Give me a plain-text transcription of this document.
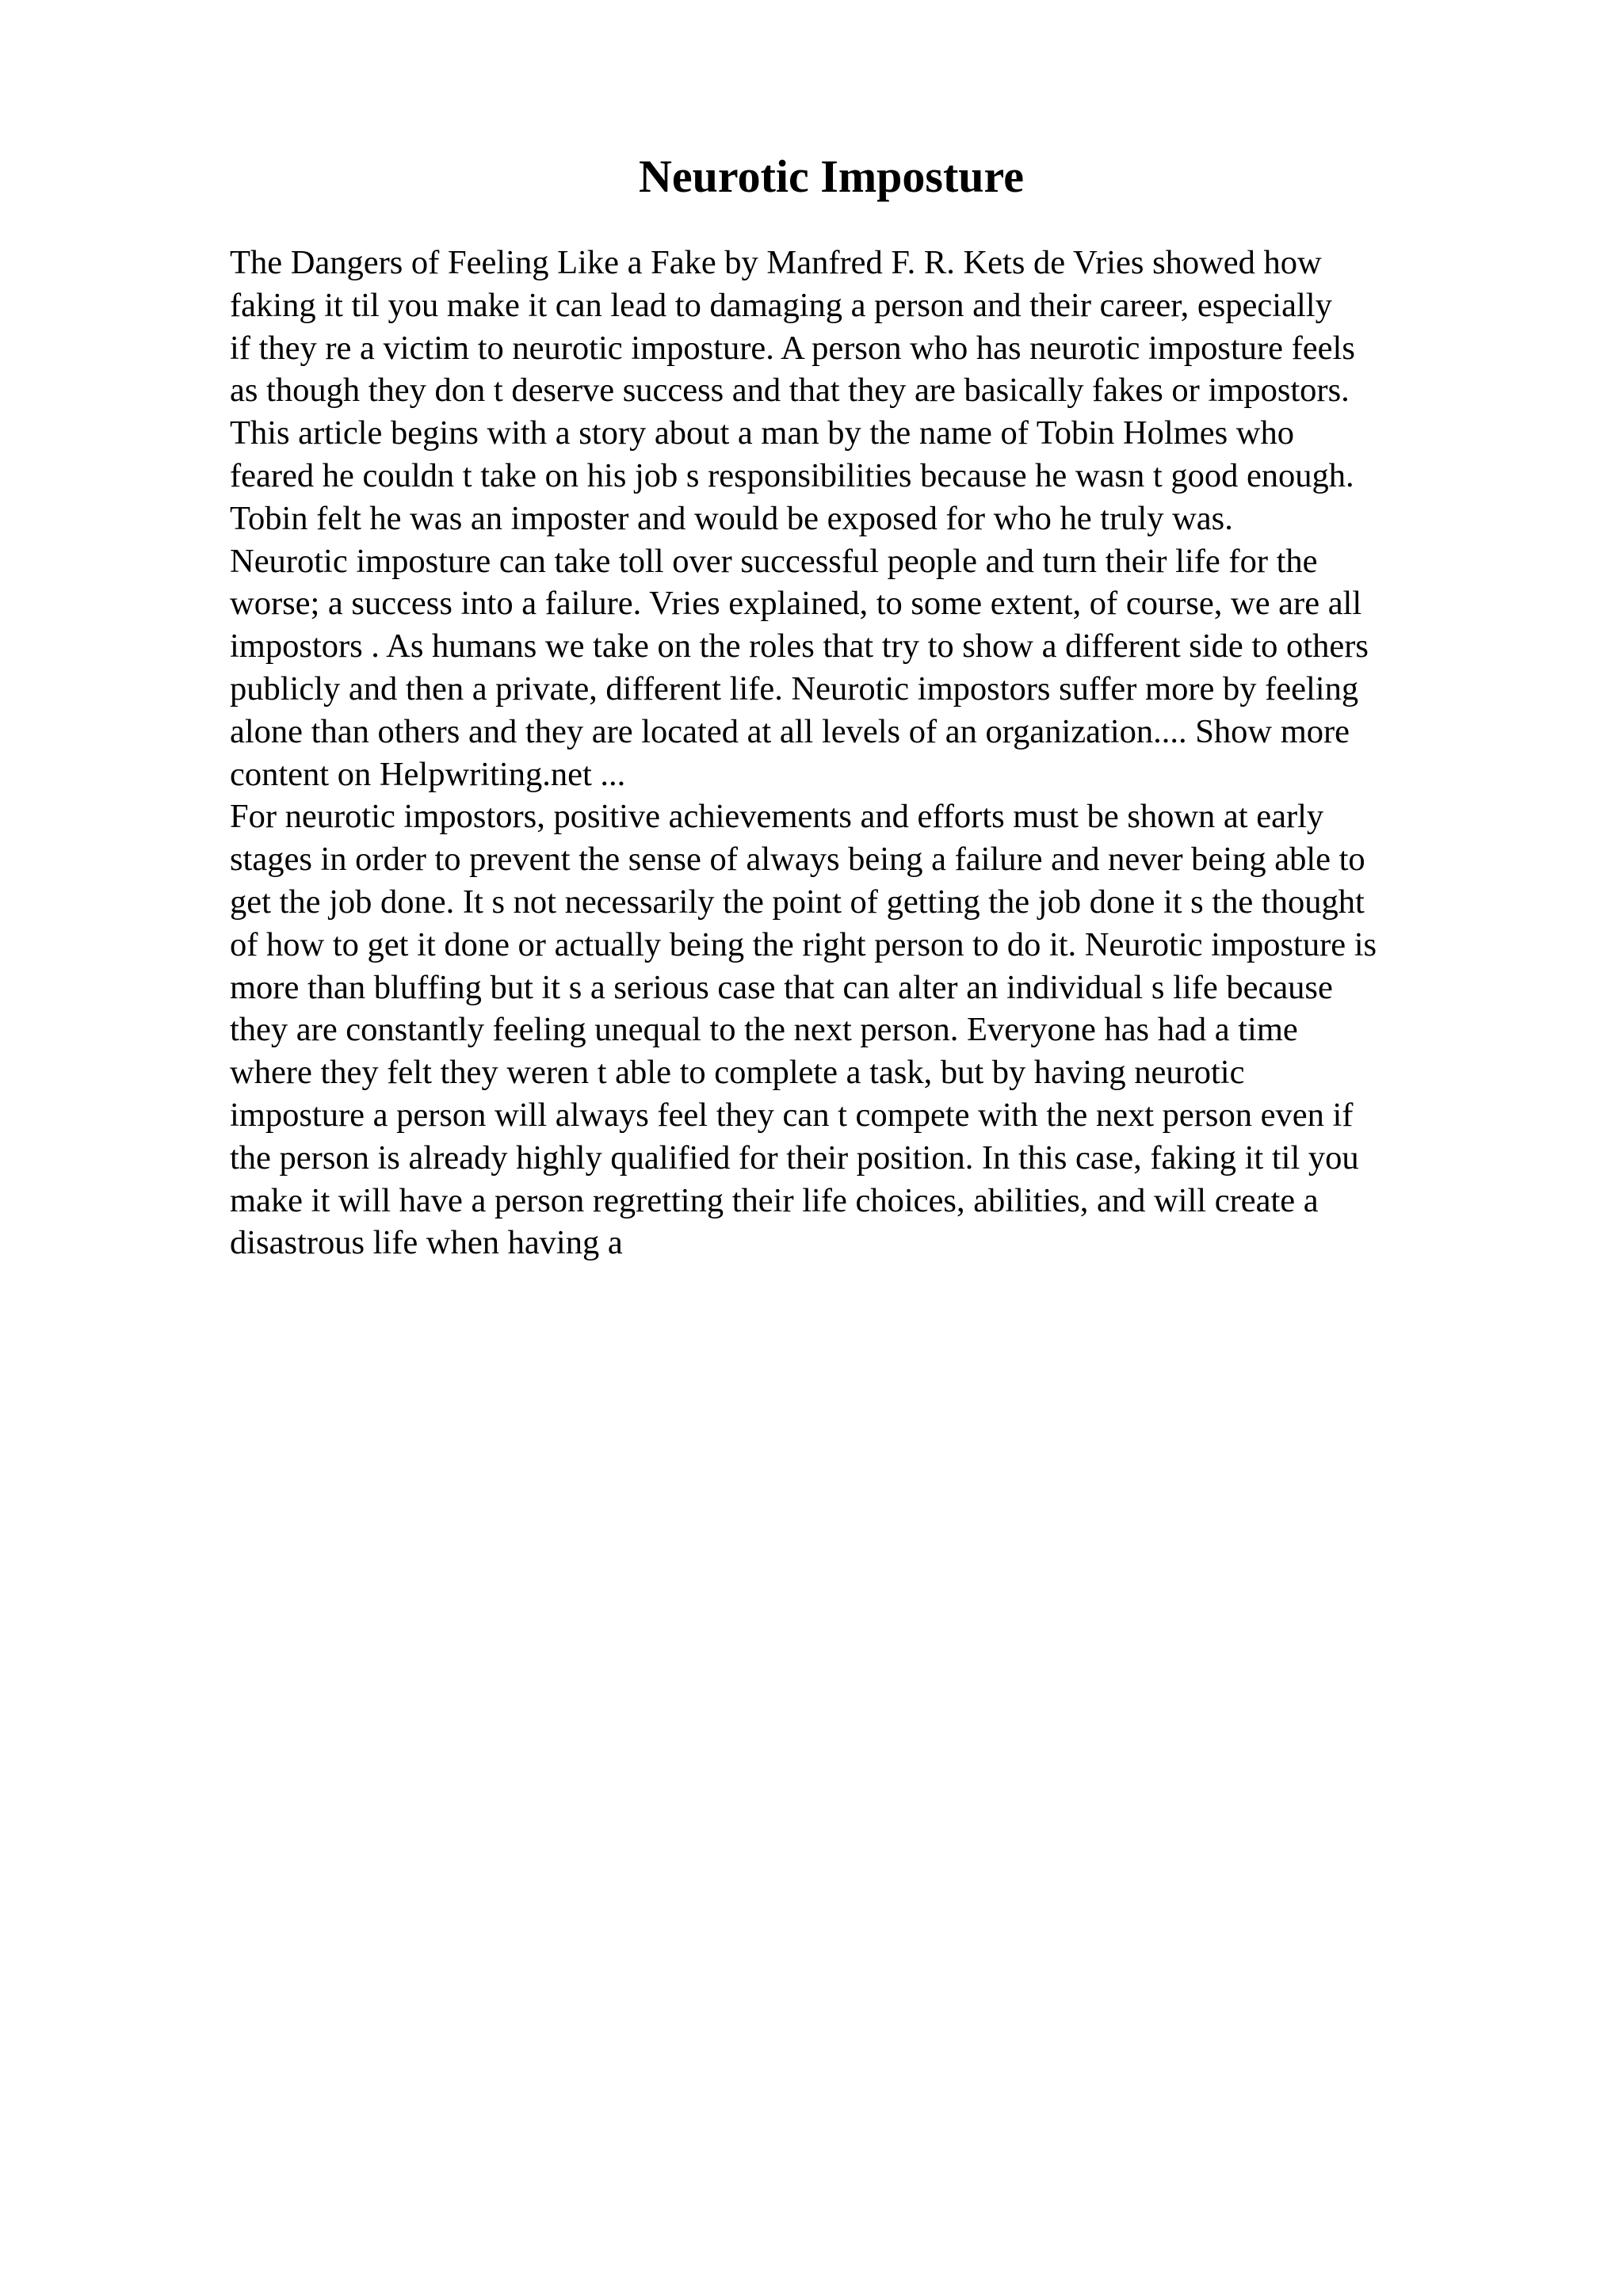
Neurotic Imposture
The Dangers of Feeling Like a Fake by Manfred F. R. Kets de Vries showed how
faking it til you make it can lead to damaging a person and their career, especially
if they re a victim to neurotic imposture. A person who has neurotic imposture feels
as though they don t deserve success and that they are basically fakes or impostors.
This article begins with a story about a man by the name of Tobin Holmes who
feared he couldn t take on his job s responsibilities because he wasn t good enough.
Tobin felt he was an imposter and would be exposed for who he truly was.
Neurotic imposture can take toll over successful people and turn their life for the
worse; a success into a failure. Vries explained, to some extent, of course, we are all
impostors . As humans we take on the roles that try to show a different side to others
publicly and then a private, different life. Neurotic impostors suffer more by feeling
alone than others and they are located at all levels of an organization.... Show more
content on Helpwriting.net ...
For neurotic impostors, positive achievements and efforts must be shown at early
stages in order to prevent the sense of always being a failure and never being able to
get the job done. It s not necessarily the point of getting the job done it s the thought
of how to get it done or actually being the right person to do it. Neurotic imposture is
more than bluffing but it s a serious case that can alter an individual s life because
they are constantly feeling unequal to the next person. Everyone has had a time
where they felt they weren t able to complete a task, but by having neurotic
imposture a person will always feel they can t compete with the next person even if
the person is already highly qualified for their position. In this case, faking it til you
make it will have a person regretting their life choices, abilities, and will create a
disastrous life when having a
